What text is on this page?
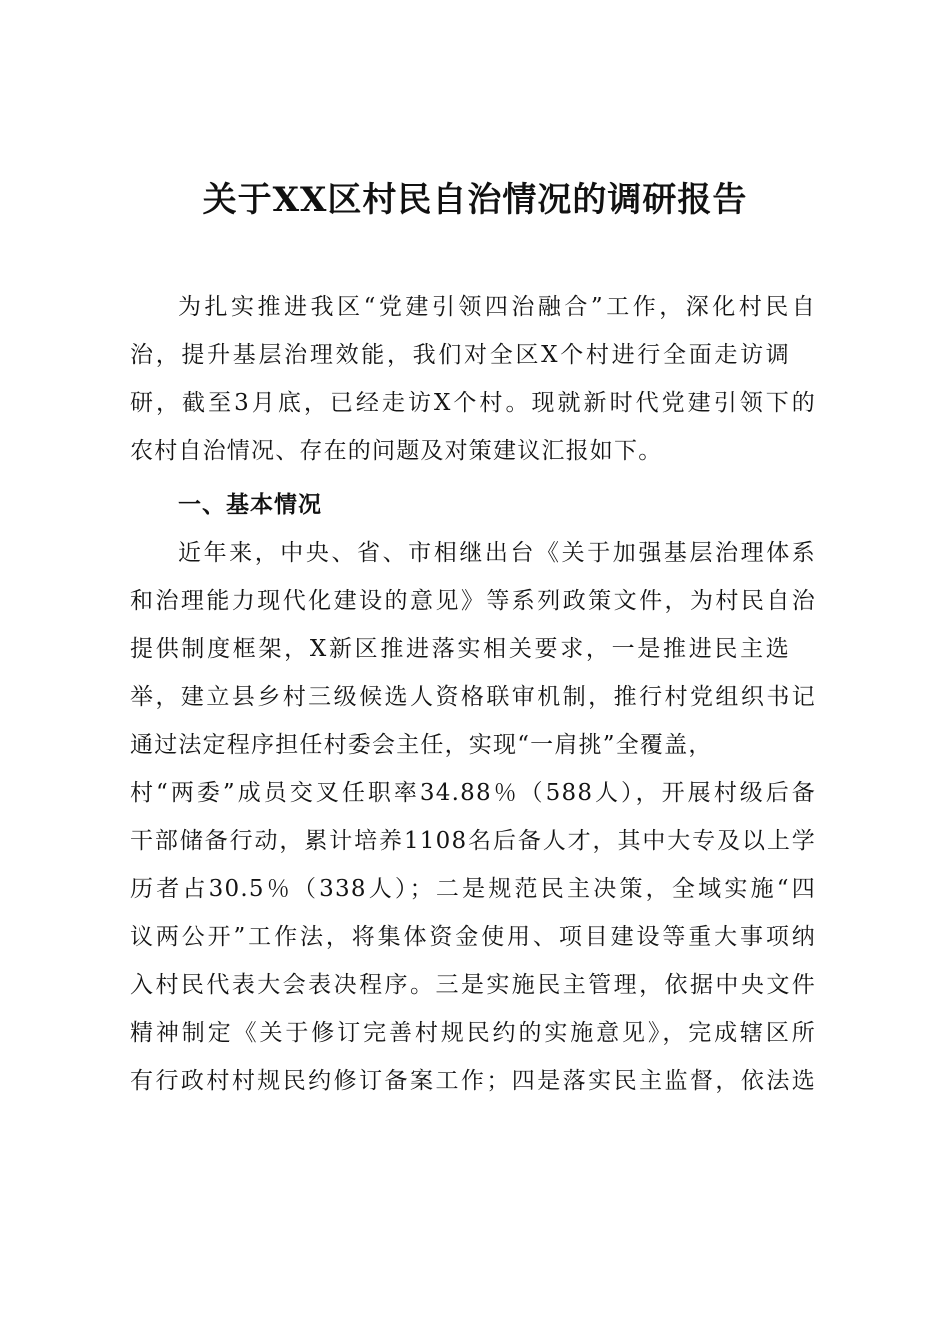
关于XX区村民自治情况的调研报告
为扎实推进我区“党建引领四治融合”工作，深化村民自
治，提升基层治理效能，我们对全区X个村进行全面走访调
研，截至3月底，已经走访X个村。现就新时代党建引领下的
农村自治情况、存在的问题及对策建议汇报如下。
一、基本情况
近年来，中央、省、市相继出台《关于加强基层治理体系
和治理能力现代化建设的意见》等系列政策文件，为村民自治
提供制度框架，X新区推进落实相关要求，一是推进民主选
举，建立县乡村三级候选人资格联审机制，推行村党组织书记
通过法定程序担任村委会主任，实现“一肩挑”全覆盖，
村“两委”成员交叉任职率34.88％（588人），开展村级后备
干部储备行动，累计培养1108名后备人才，其中大专及以上学
历者占30.5％（338人）；二是规范民主决策，全域实施“四
议两公开”工作法，将集体资金使用、项目建设等重大事项纳
入村民代表大会表决程序。三是实施民主管理，依据中央文件
精神制定《关于修订完善村规民约的实施意见》，完成辖区所
有行政村村规民约修订备案工作；四是落实民主监督，依法选
